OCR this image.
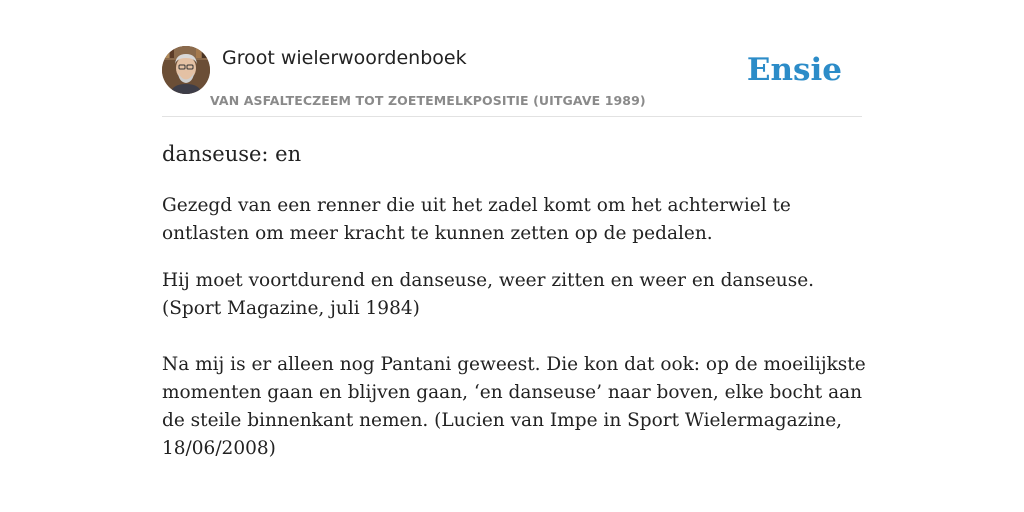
Groot wielerwoordenboek
VAN ASFALTECZEEM TOT ZOETEMELKPOSITIE (UITGAVE 1989)
Ensie
danseuse: en
Gezegd van een renner die uit het zadel komt om het achterwiel te ontlasten om meer kracht te kunnen zetten op de pedalen.
Hij moet voortdurend en danseuse, weer zitten en weer en danseuse. (Sport Magazine, juli 1984)
Na mij is er alleen nog Pantani geweest. Die kon dat ook: op de moeilijkste momenten gaan en blijven gaan, ‘en danseuse’ naar boven, elke bocht aan de steile binnenkant nemen. (Lucien van Impe in Sport Wielermagazine, 18/06/2008)
